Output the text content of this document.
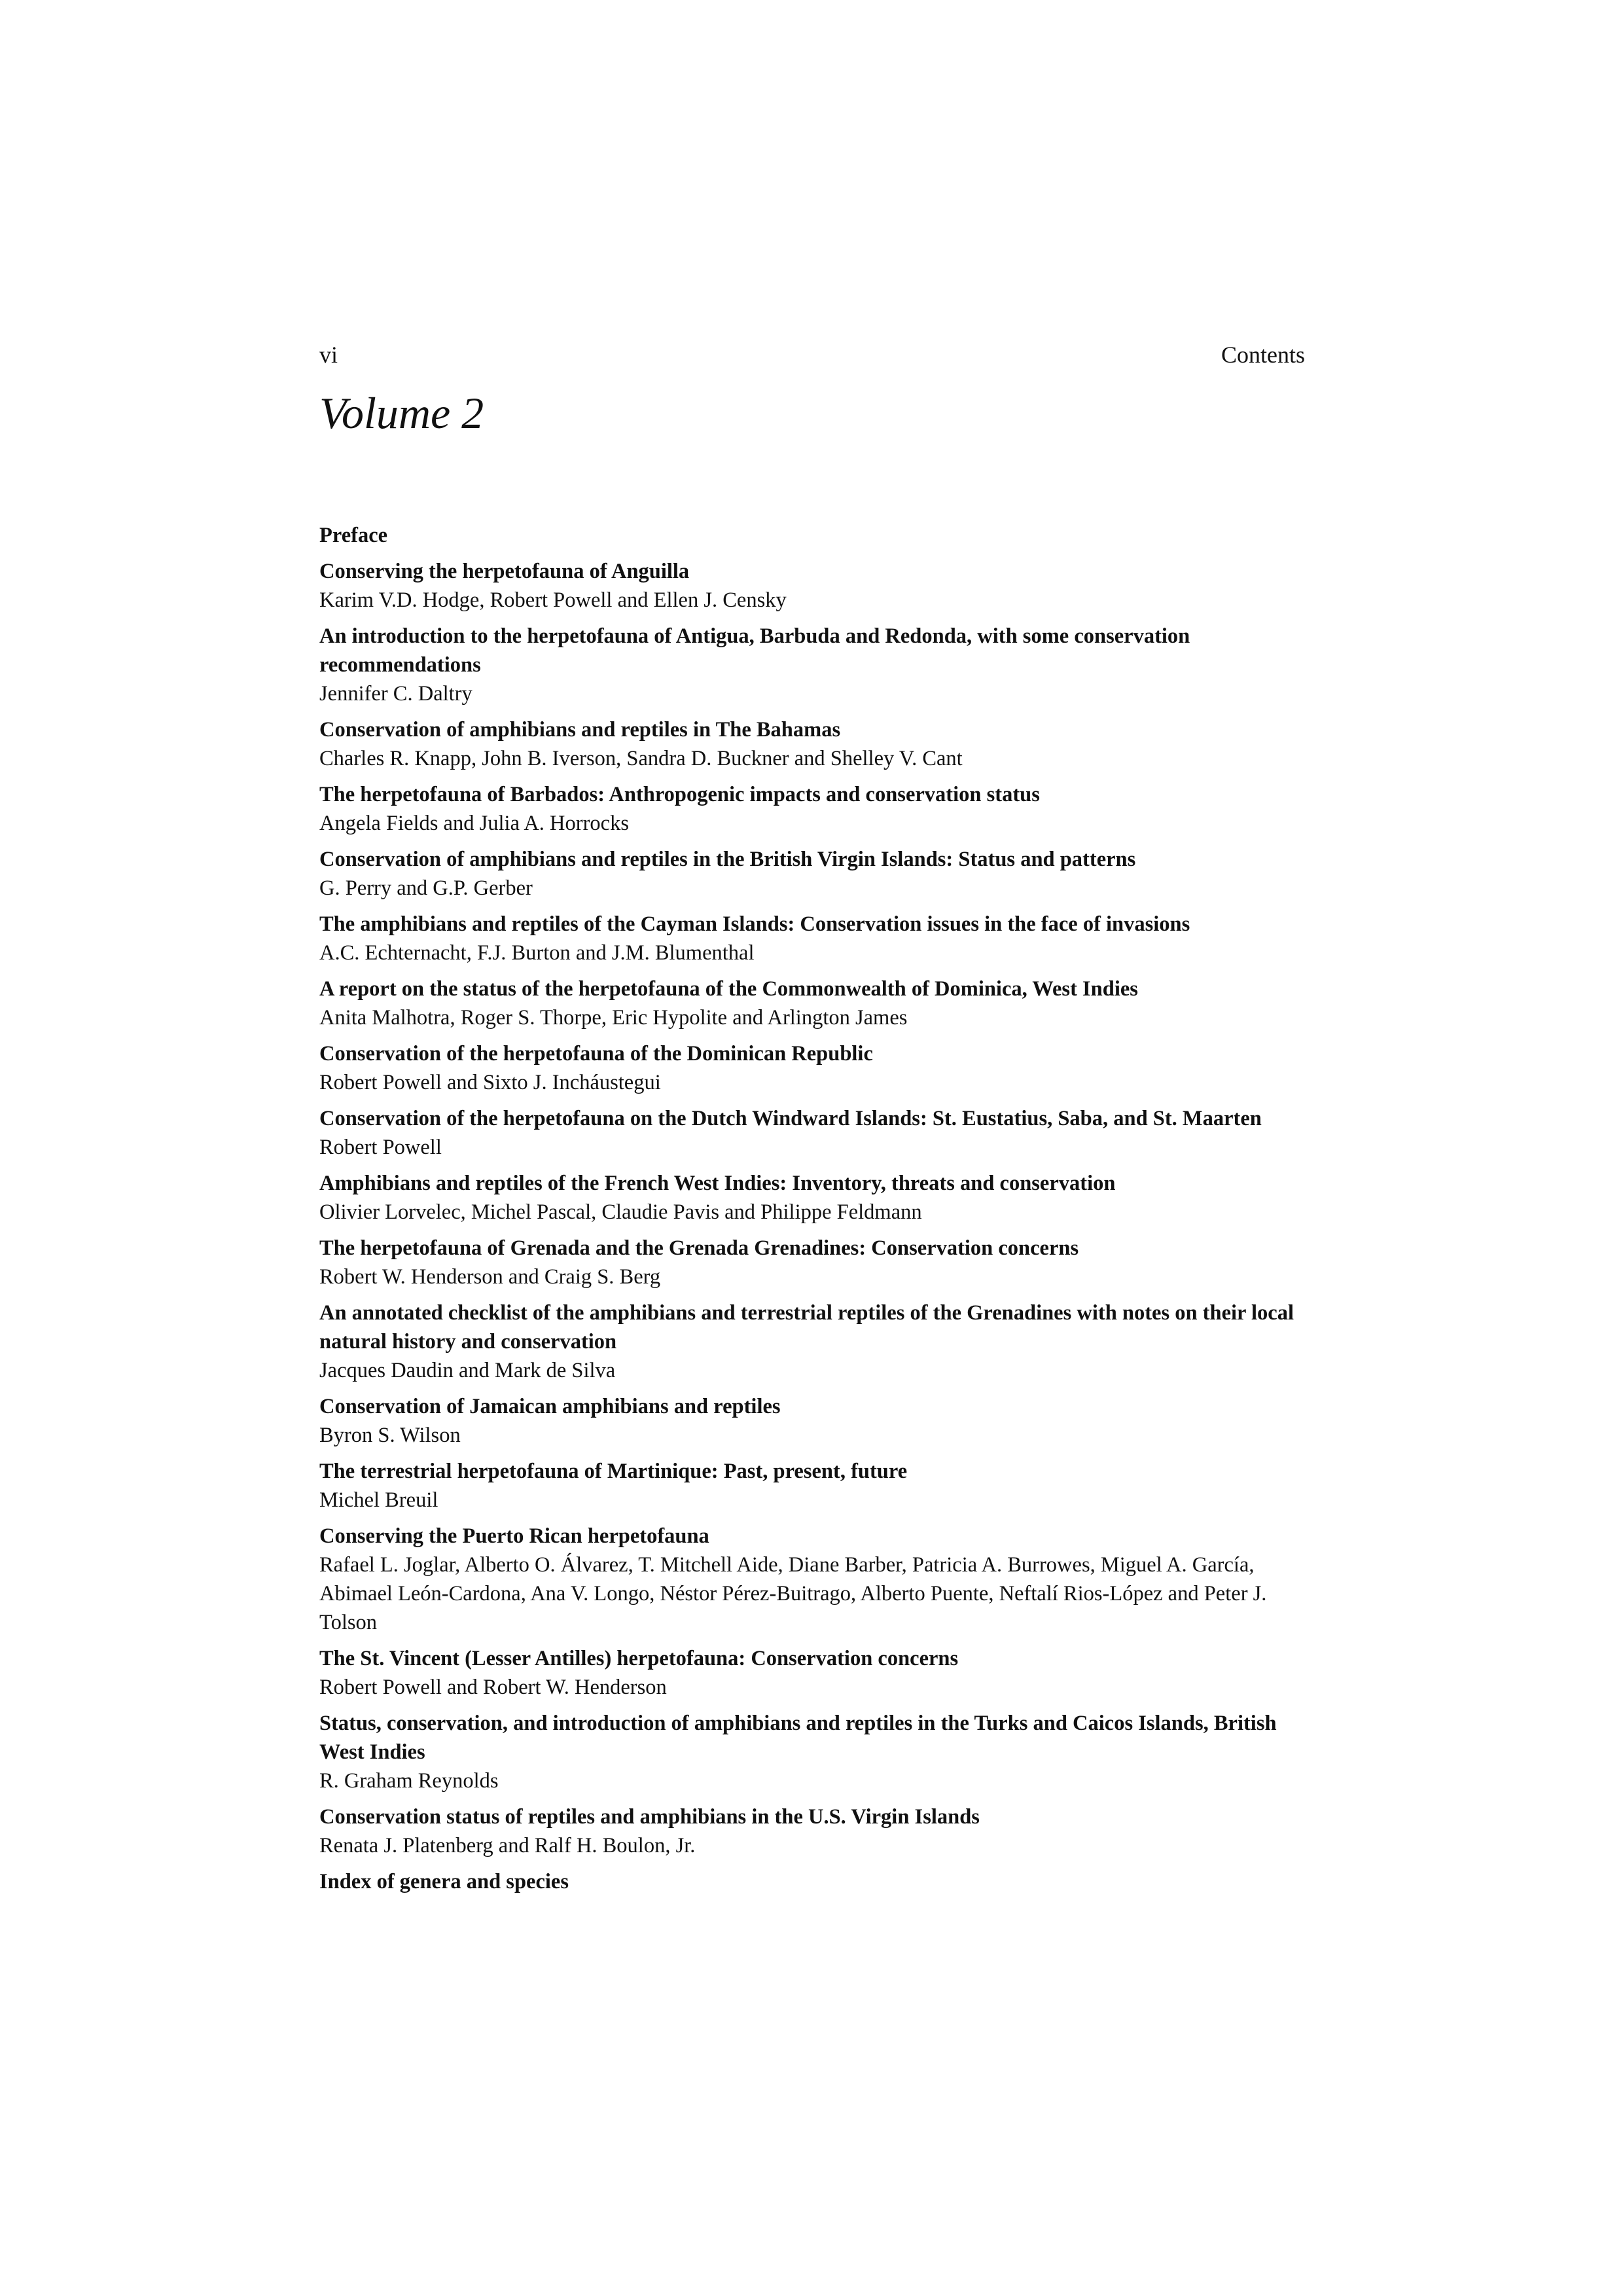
vi	Contents
Volume 2
Preface
Conserving the herpetofauna of Anguilla
Karim V.D. Hodge, Robert Powell and Ellen J. Censky
An introduction to the herpetofauna of Antigua, Barbuda and Redonda, with some conservation recommendations
Jennifer C. Daltry
Conservation of amphibians and reptiles in The Bahamas
Charles R. Knapp, John B. Iverson, Sandra D. Buckner and Shelley V. Cant
The herpetofauna of Barbados: Anthropogenic impacts and conservation status
Angela Fields and Julia A. Horrocks
Conservation of amphibians and reptiles in the British Virgin Islands: Status and patterns
G. Perry and G.P. Gerber
The amphibians and reptiles of the Cayman Islands: Conservation issues in the face of invasions
A.C. Echternacht, F.J. Burton and J.M. Blumenthal
A report on the status of the herpetofauna of the Commonwealth of Dominica, West Indies
Anita Malhotra, Roger S. Thorpe, Eric Hypolite and Arlington James
Conservation of the herpetofauna of the Dominican Republic
Robert Powell and Sixto J. Incháustegui
Conservation of the herpetofauna on the Dutch Windward Islands: St. Eustatius, Saba, and St. Maarten
Robert Powell
Amphibians and reptiles of the French West Indies: Inventory, threats and conservation
Olivier Lorvelec, Michel Pascal, Claudie Pavis and Philippe Feldmann
The herpetofauna of Grenada and the Grenada Grenadines: Conservation concerns
Robert W. Henderson and Craig S. Berg
An annotated checklist of the amphibians and terrestrial reptiles of the Grenadines with notes on their local natural history and conservation
Jacques Daudin and Mark de Silva
Conservation of Jamaican amphibians and reptiles
Byron S. Wilson
The terrestrial herpetofauna of Martinique: Past, present, future
Michel Breuil
Conserving the Puerto Rican herpetofauna
Rafael L. Joglar, Alberto O. Álvarez, T. Mitchell Aide, Diane Barber, Patricia A. Burrowes, Miguel A. García, Abimael León-Cardona, Ana V. Longo, Néstor Pérez-Buitrago, Alberto Puente, Neftalí Rios-López and Peter J. Tolson
The St. Vincent (Lesser Antilles) herpetofauna: Conservation concerns
Robert Powell and Robert W. Henderson
Status, conservation, and introduction of amphibians and reptiles in the Turks and Caicos Islands, British West Indies
R. Graham Reynolds
Conservation status of reptiles and amphibians in the U.S. Virgin Islands
Renata J. Platenberg and Ralf H. Boulon, Jr.
Index of genera and species
